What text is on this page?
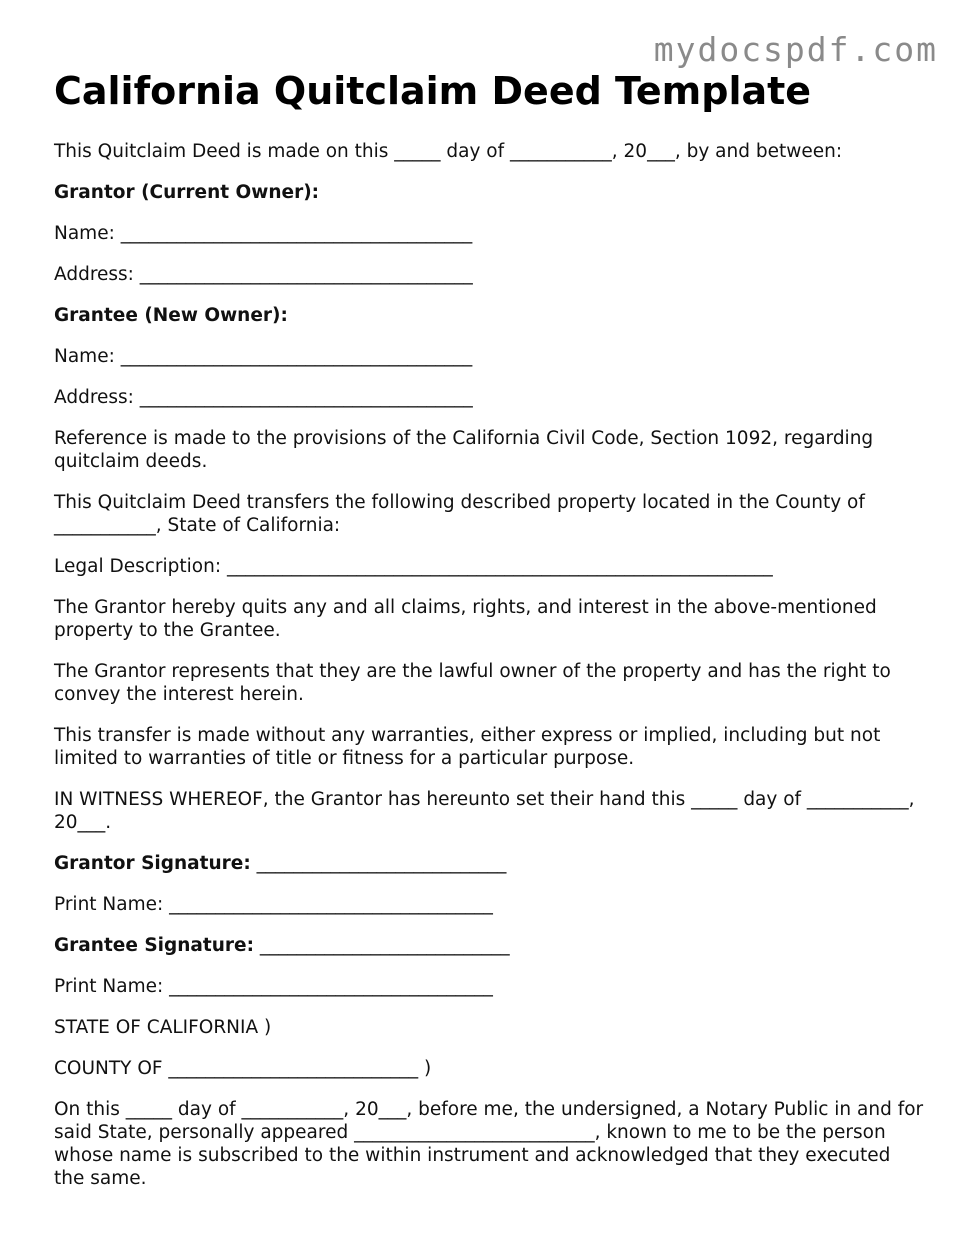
mydocspdf.com
California Quitclaim Deed Template

This Quitclaim Deed is made on this _____ day of ___________, 20___, by and between:

Grantor (Current Owner):

Name: ______________________________________

Address: ____________________________________

Grantee (New Owner):

Name: ______________________________________

Address: ____________________________________

Reference is made to the provisions of the California Civil Code, Section 1092, regarding quitclaim deeds.

This Quitclaim Deed transfers the following described property located in the County of ___________, State of California:

Legal Description: ___________________________________________________________

The Grantor hereby quits any and all claims, rights, and interest in the above-mentioned property to the Grantee.

The Grantor represents that they are the lawful owner of the property and has the right to convey the interest herein.

This transfer is made without any warranties, either express or implied, including but not limited to warranties of title or fitness for a particular purpose.

IN WITNESS WHEREOF, the Grantor has hereunto set their hand this _____ day of ___________, 20___.

Grantor Signature: ___________________________

Print Name: ___________________________________

Grantee Signature: ___________________________

Print Name: ___________________________________

STATE OF CALIFORNIA )

COUNTY OF ___________________________ )

On this _____ day of ___________, 20___, before me, the undersigned, a Notary Public in and for said State, personally appeared __________________________, known to me to be the person whose name is subscribed to the within instrument and acknowledged that they executed the same.
